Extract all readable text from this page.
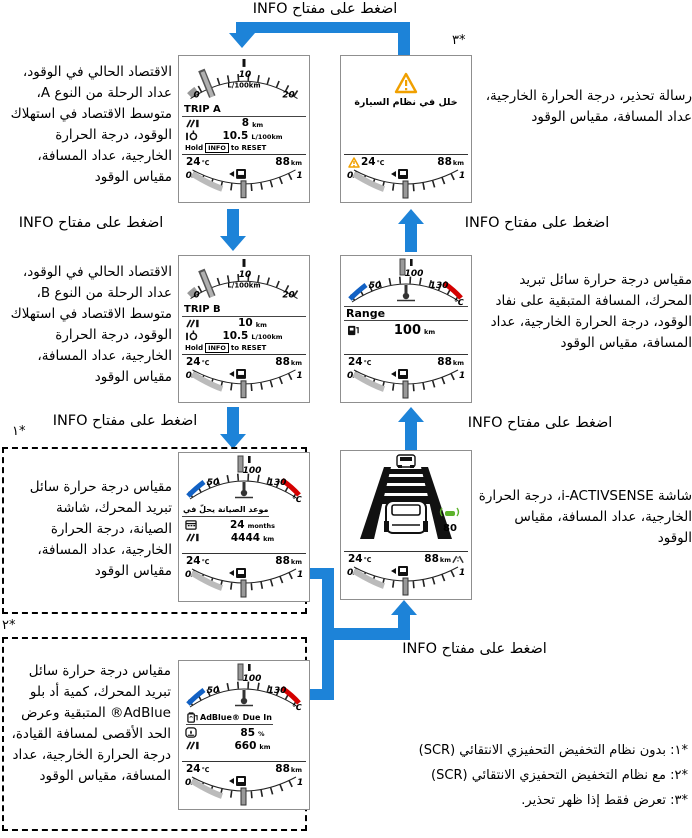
اضغط على مفتاح INFO
اضغط على مفتاح INFO	اضغط على مفتاح INFO
اضغط على مفتاح INFO	اضغط على مفتاح INFO
اضغط على مفتاح INFO
١*
٢*
٣*
الاقتصاد الحالي في الوقود، عداد الرحلة من النوع A، متوسط الاقتصاد في استهلاك الوقود، درجة الحرارة الخارجية، عداد المسافة، مقياس الوقود
رسالة تحذير، درجة الحرارة الخارجية، عداد المسافة، مقياس الوقود
الاقتصاد الحالي في الوقود، عداد الرحلة من النوع B، متوسط الاقتصاد في استهلاك الوقود، درجة الحرارة الخارجية، عداد المسافة، مقياس الوقود
مقياس درجة حرارة سائل تبريد المحرك، المسافة المتبقية على نفاد الوقود، درجة الحرارة الخارجية، عداد المسافة، مقياس الوقود
مقياس درجة حرارة سائل تبريد المحرك، شاشة الصيانة، درجة الحرارة الخارجية، عداد المسافة، مقياس الوقود
شاشة i-ACTIVSENSE، درجة الحرارة الخارجية، عداد المسافة، مقياس الوقود
مقياس درجة حرارة سائل تبريد المحرك، كمية أد بلو AdBlue® المتبقية وعرض الحد الأقصى لمسافة القيادة، درجة الحرارة الخارجية، عداد المسافة، مقياس الوقود
0
10
20
L/100km
TRIP A
8 km
10.5 L/100km
Hold INFO to RESET
24 ℃	88 km
0	1
خلل في نظام السيارة
24 ℃	88 km
0	1
0
10
20
L/100km
TRIP B
10 km
10.5 L/100km
Hold INFO to RESET
24 ℃	88 km
0	1
50
100
130
℃
Range
100 km
24 ℃	88 km
0	1
50
100
130
℃
موعد الصيانة يحلّ في
24 months
4444 km
24 ℃	88 km
0	1
80
24 ℃	88 km
0	1
50
100
130
℃
AdBlue® Due In
85 %
660 km
24 ℃	88 km
0	1
*١: بدون نظام التخفيض التحفيزي الانتقائي (SCR)
*٢: مع نظام التخفيض التحفيزي الانتقائي (SCR)
*٣: تعرض فقط إذا ظهر تحذير.
